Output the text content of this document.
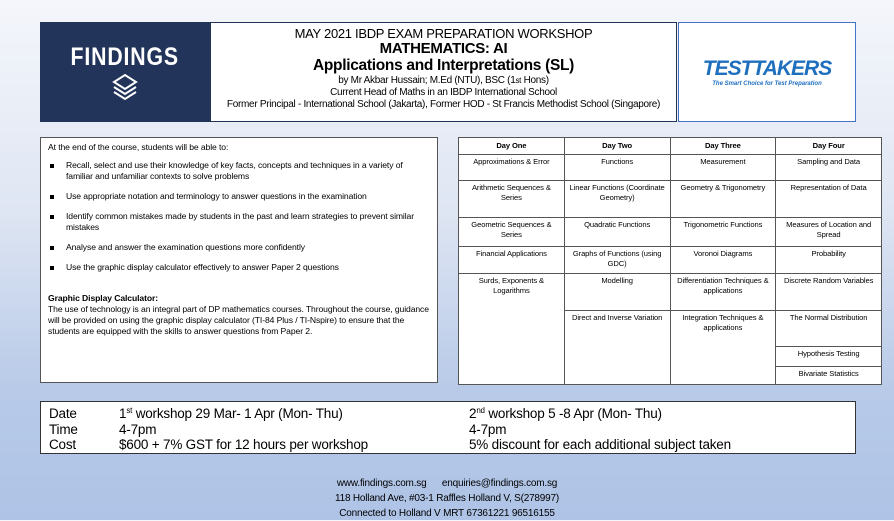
FINDINGS
MAY 2021 IBDP EXAM PREPARATION WORKSHOP
MATHEMATICS: AI
Applications and Interpretations (SL)
by Mr Akbar Hussain; M.Ed (NTU), BSC (1st Hons)
Current Head of Maths in an IBDP International School
Former Principal - International School (Jakarta), Former HOD - St Francis Methodist School (Singapore)
TESTTAKERS
The Smart Choice for Test Preparation
At the end of the course, students will be able to:
Recall, select and use their knowledge of key facts, concepts and techniques in a variety of familiar and unfamiliar contexts to solve problems
Use appropriate notation and terminology to answer questions in the examination
Identify common mistakes made by students in the past and learn strategies to prevent similar mistakes
Analyse and answer the examination questions more confidently
Use the graphic display calculator effectively to answer Paper 2 questions
Graphic Display Calculator:
The use of technology is an integral part of DP mathematics courses. Throughout the course, guidance will be provided on using the graphic display calculator (TI-84 Plus / TI-Nspire) to ensure that the students are equipped with the skills to answer questions from Paper 2.
Day One	Day Two	Day Three	Day Four
Approximations & Error	Functions	Measurement	Sampling and Data
Arithmetic Sequences & Series	Linear Functions (Coordinate Geometry)	Geometry & Trigonometry	Representation of Data
Geometric Sequences & Series	Quadratic Functions	Trigonometric Functions	Measures of Location and Spread
Financial Applications	Graphs of Functions (using GDC)	Voronoi Diagrams	Probability
Surds, Exponents & Logarithms	Modelling	Differentiation Techniques & applications	Discrete Random Variables
	Direct and Inverse Variation	Integration Techniques & applications	The Normal Distribution
			Hypothesis Testing
			Bivariate Statistics
Date	1st workshop 29 Mar- 1 Apr (Mon- Thu)	2nd workshop 5 -8 Apr (Mon- Thu)
Time	4-7pm	4-7pm
Cost	$600 + 7% GST for 12 hours per workshop	5% discount for each additional subject taken
www.findings.com.sg enquiries@findings.com.sg
118 Holland Ave, #03-1 Raffles Holland V, S(278997)
Connected to Holland V MRT 67361221 96516155
